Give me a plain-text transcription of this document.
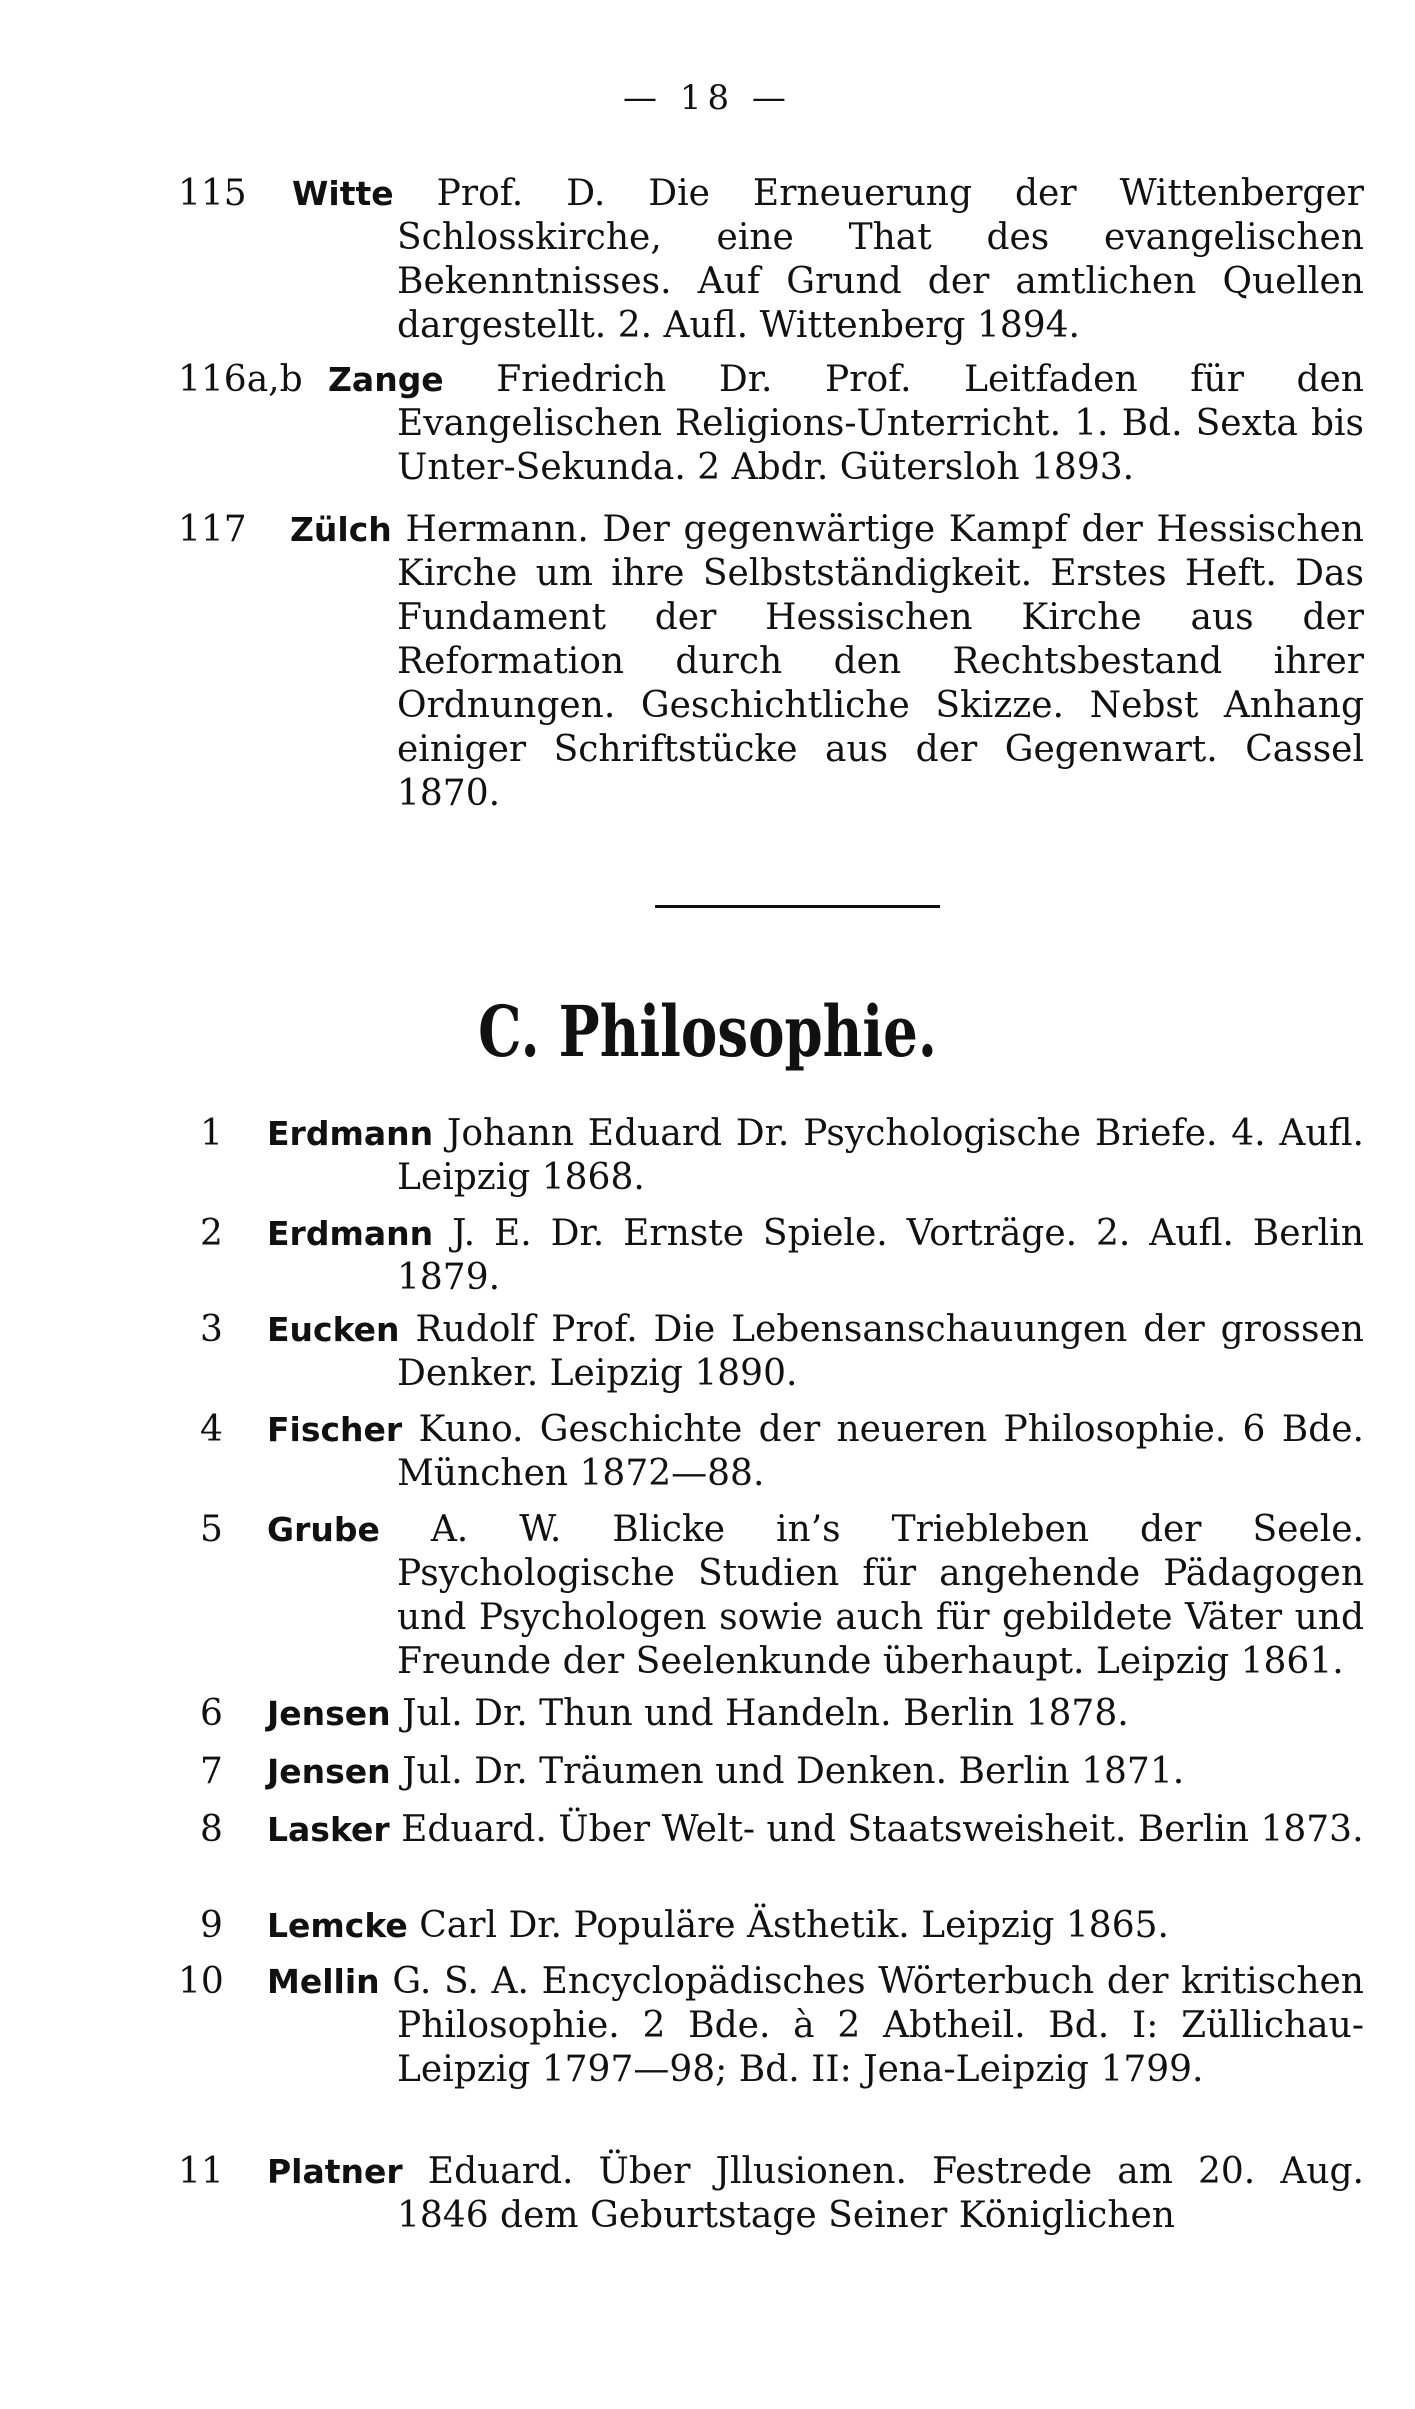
— 18 —
115 Witte Prof. D. Die Erneuerung der Wittenberger Schlosskirche, eine That des evangelischen Bekenntnisses. Auf Grund der amtlichen Quellen dargestellt. 2. Aufl. Wittenberg 1894.
116a,b Zange Friedrich Dr. Prof. Leitfaden für den Evangelischen Religions-Unterricht. 1. Bd. Sexta bis Unter-Sekunda. 2 Abdr. Gütersloh 1893.
117 Zülch Hermann. Der gegenwärtige Kampf der Hessischen Kirche um ihre Selbstständigkeit. Erstes Heft. Das Fundament der Hessischen Kirche aus der Reformation durch den Rechtsbestand ihrer Ordnungen. Geschichtliche Skizze. Nebst Anhang einiger Schriftstücke aus der Gegenwart. Cassel 1870.
C. Philosophie.
1 Erdmann Johann Eduard Dr. Psychologische Briefe. 4. Aufl. Leipzig 1868.
2 Erdmann J. E. Dr. Ernste Spiele. Vorträge. 2. Aufl. Berlin 1879.
3 Eucken Rudolf Prof. Die Lebensanschauungen der grossen Denker. Leipzig 1890.
4 Fischer Kuno. Geschichte der neueren Philosophie. 6 Bde. München 1872—88.
5 Grube A. W. Blicke in’s Triebleben der Seele. Psychologische Studien für angehende Pädagogen und Psychologen sowie auch für gebildete Väter und Freunde der Seelenkunde überhaupt. Leipzig 1861.
6 Jensen Jul. Dr. Thun und Handeln. Berlin 1878.
7 Jensen Jul. Dr. Träumen und Denken. Berlin 1871.
8 Lasker Eduard. Über Welt- und Staatsweisheit. Berlin 1873.
9 Lemcke Carl Dr. Populäre Ästhetik. Leipzig 1865.
10 Mellin G. S. A. Encyclopädisches Wörterbuch der kritischen Philosophie. 2 Bde. à 2 Abtheil. Bd. I: Züllichau-Leipzig 1797—98; Bd. II: Jena-Leipzig 1799.
11 Platner Eduard. Über Jllusionen. Festrede am 20. Aug. 1846 dem Geburtstage Seiner Königlichen
